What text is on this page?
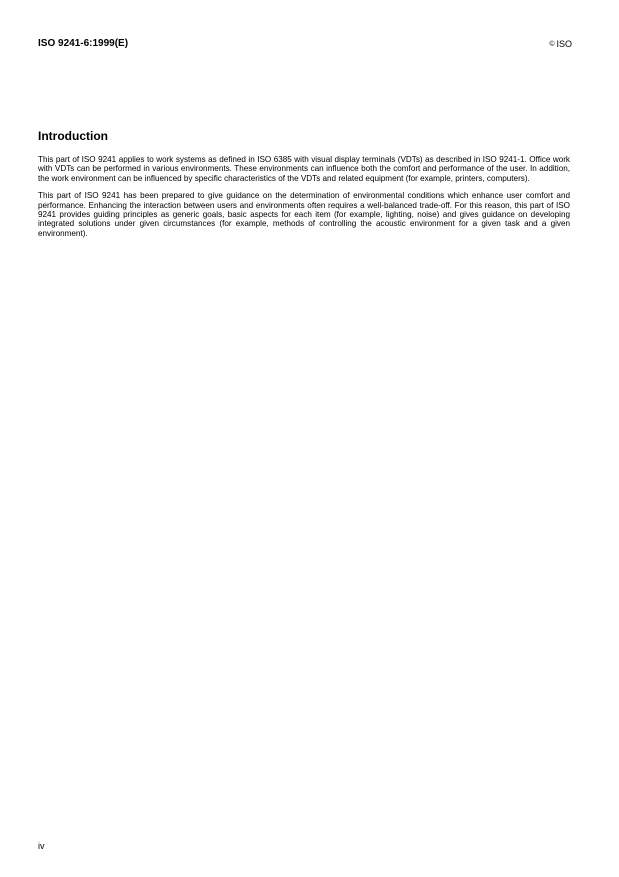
ISO 9241-6:1999(E)	© ISO
Introduction

This part of ISO 9241 applies to work systems as defined in ISO 6385 with visual display terminals (VDTs) as described in ISO 9241-1. Office work with VDTs can be performed in various environments. These environments can influence both the comfort and performance of the user. In addition, the work environment can be influenced by specific characteristics of the VDTs and related equipment (for example, printers, computers).

This part of ISO 9241 has been prepared to give guidance on the determination of environmental conditions which enhance user comfort and performance. Enhancing the interaction between users and environments often requires a well-balanced trade-off. For this reason, this part of ISO 9241 provides guiding principles as generic goals, basic aspects for each item (for example, lighting, noise) and gives guidance on developing integrated solutions under given circumstances (for example, methods of controlling the acoustic environment for a given task and a given environment).

iv
